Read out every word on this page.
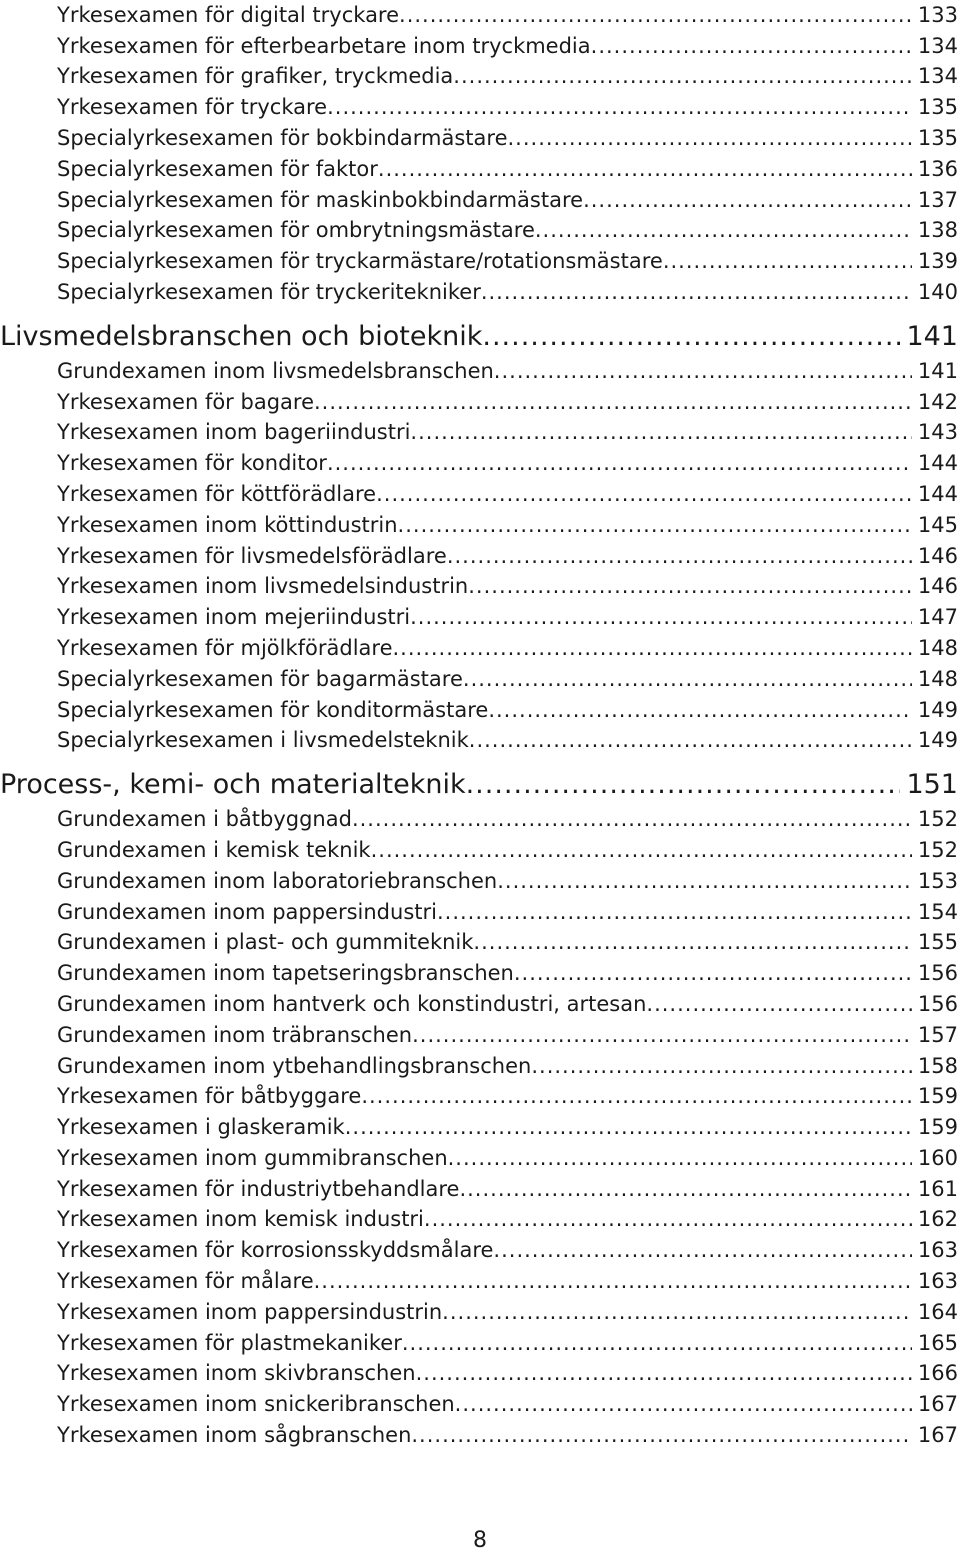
Yrkesexamen för digital tryckare .....	133
Yrkesexamen för efterbearbetare inom tryckmedia .....	134
Yrkesexamen för grafiker, tryckmedia .....	134
Yrkesexamen för tryckare .....	135
Specialyrkesexamen för bokbindarmästare .....	135
Specialyrkesexamen för faktor .....	136
Specialyrkesexamen för maskinbokbindarmästare .....	137
Specialyrkesexamen för ombrytningsmästare .....	138
Specialyrkesexamen för tryckarmästare/rotationsmästare .....	139
Specialyrkesexamen för tryckeritekniker .....	140
Livsmedelsbranschen och bioteknik .....	141
Grundexamen inom livsmedelsbranschen .....	141
Yrkesexamen för bagare .....	142
Yrkesexamen inom bageriindustri .....	143
Yrkesexamen för konditor .....	144
Yrkesexamen för köttförädlare .....	144
Yrkesexamen inom köttindustrin .....	145
Yrkesexamen för livsmedelsförädlare .....	146
Yrkesexamen inom livsmedelsindustrin .....	146
Yrkesexamen inom mejeriindustri .....	147
Yrkesexamen för mjölkförädlare .....	148
Specialyrkesexamen för bagarmästare .....	148
Specialyrkesexamen för konditormästare .....	149
Specialyrkesexamen i livsmedelsteknik .....	149
Process-, kemi- och materialteknik .....	151
Grundexamen i båtbyggnad .....	152
Grundexamen i kemisk teknik .....	152
Grundexamen inom laboratoriebranschen .....	153
Grundexamen inom pappersindustri .....	154
Grundexamen i plast- och gummiteknik .....	155
Grundexamen inom tapetseringsbranschen .....	156
Grundexamen inom hantverk och konstindustri, artesan .....	156
Grundexamen inom träbranschen .....	157
Grundexamen inom ytbehandlingsbranschen .....	158
Yrkesexamen för båtbyggare .....	159
Yrkesexamen i glaskeramik .....	159
Yrkesexamen inom gummibranschen .....	160
Yrkesexamen för industriytbehandlare .....	161
Yrkesexamen inom kemisk industri .....	162
Yrkesexamen för korrosionsskyddsmålare .....	163
Yrkesexamen för målare .....	163
Yrkesexamen inom pappersindustrin .....	164
Yrkesexamen för plastmekaniker .....	165
Yrkesexamen inom skivbranschen .....	166
Yrkesexamen inom snickeribranschen .....	167
Yrkesexamen inom sågbranschen .....	167
8
